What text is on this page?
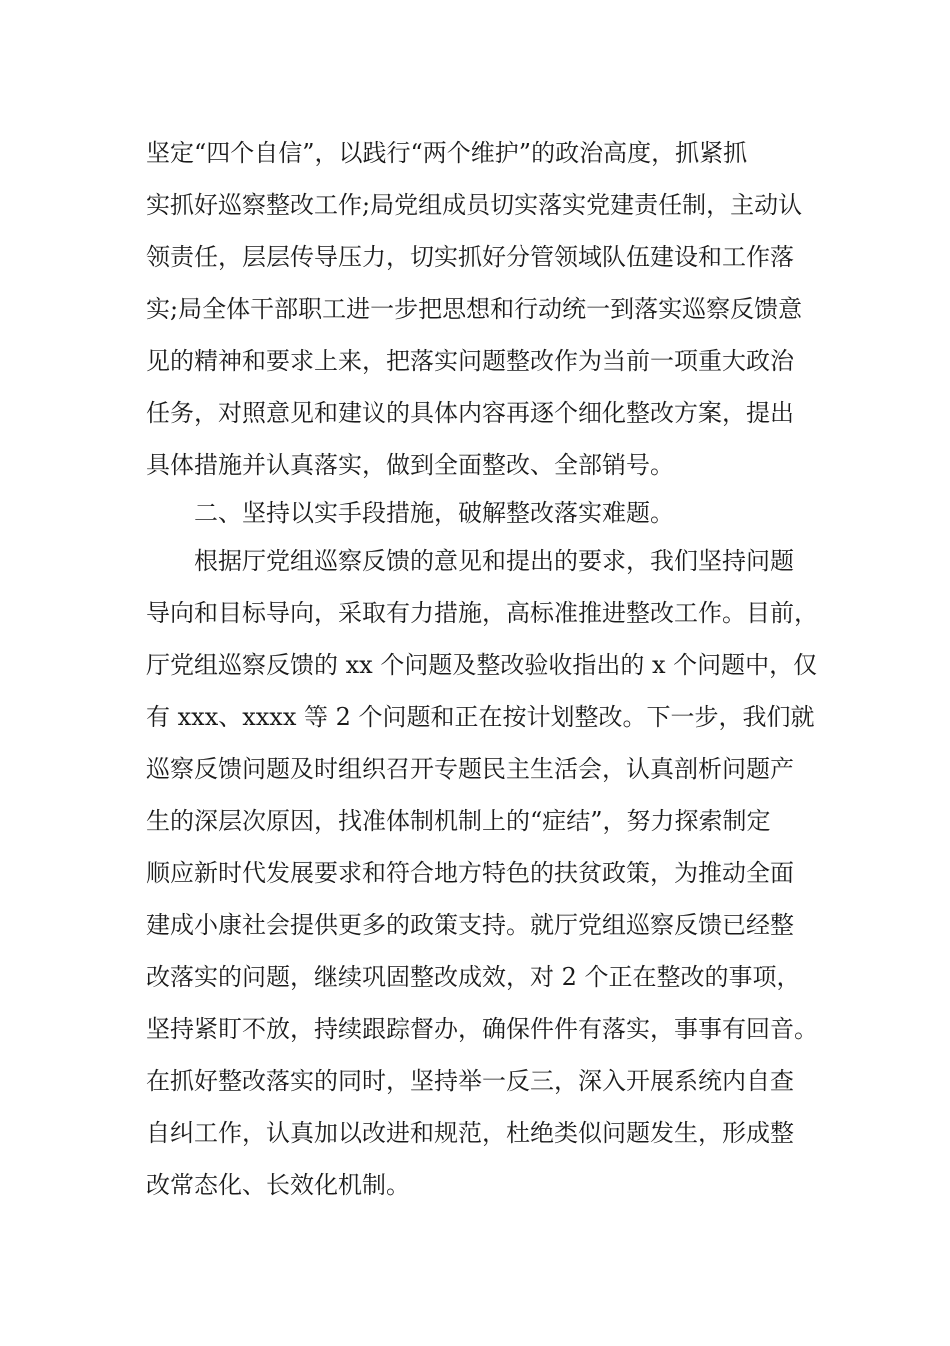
坚定“四个自信”，以践行“两个维护”的政治高度，抓紧抓
实抓好巡察整改工作;局党组成员切实落实党建责任制，主动认
领责任，层层传导压力，切实抓好分管领域队伍建设和工作落
实;局全体干部职工进一步把思想和行动统一到落实巡察反馈意
见的精神和要求上来，把落实问题整改作为当前一项重大政治
任务，对照意见和建议的具体内容再逐个细化整改方案，提出
具体措施并认真落实，做到全面整改、全部销号。
二、坚持以实手段措施，破解整改落实难题。
根据厅党组巡察反馈的意见和提出的要求，我们坚持问题
导向和目标导向，采取有力措施，高标准推进整改工作。目前，
厅党组巡察反馈的 xx 个问题及整改验收指出的 x 个问题中，仅
有 xxx、xxxx 等 2 个问题和正在按计划整改。下一步，我们就
巡察反馈问题及时组织召开专题民主生活会，认真剖析问题产
生的深层次原因，找准体制机制上的“症结”，努力探索制定
顺应新时代发展要求和符合地方特色的扶贫政策，为推动全面
建成小康社会提供更多的政策支持。就厅党组巡察反馈已经整
改落实的问题，继续巩固整改成效，对 2 个正在整改的事项，
坚持紧盯不放，持续跟踪督办，确保件件有落实，事事有回音。
在抓好整改落实的同时，坚持举一反三，深入开展系统内自查
自纠工作，认真加以改进和规范，杜绝类似问题发生，形成整
改常态化、长效化机制。
